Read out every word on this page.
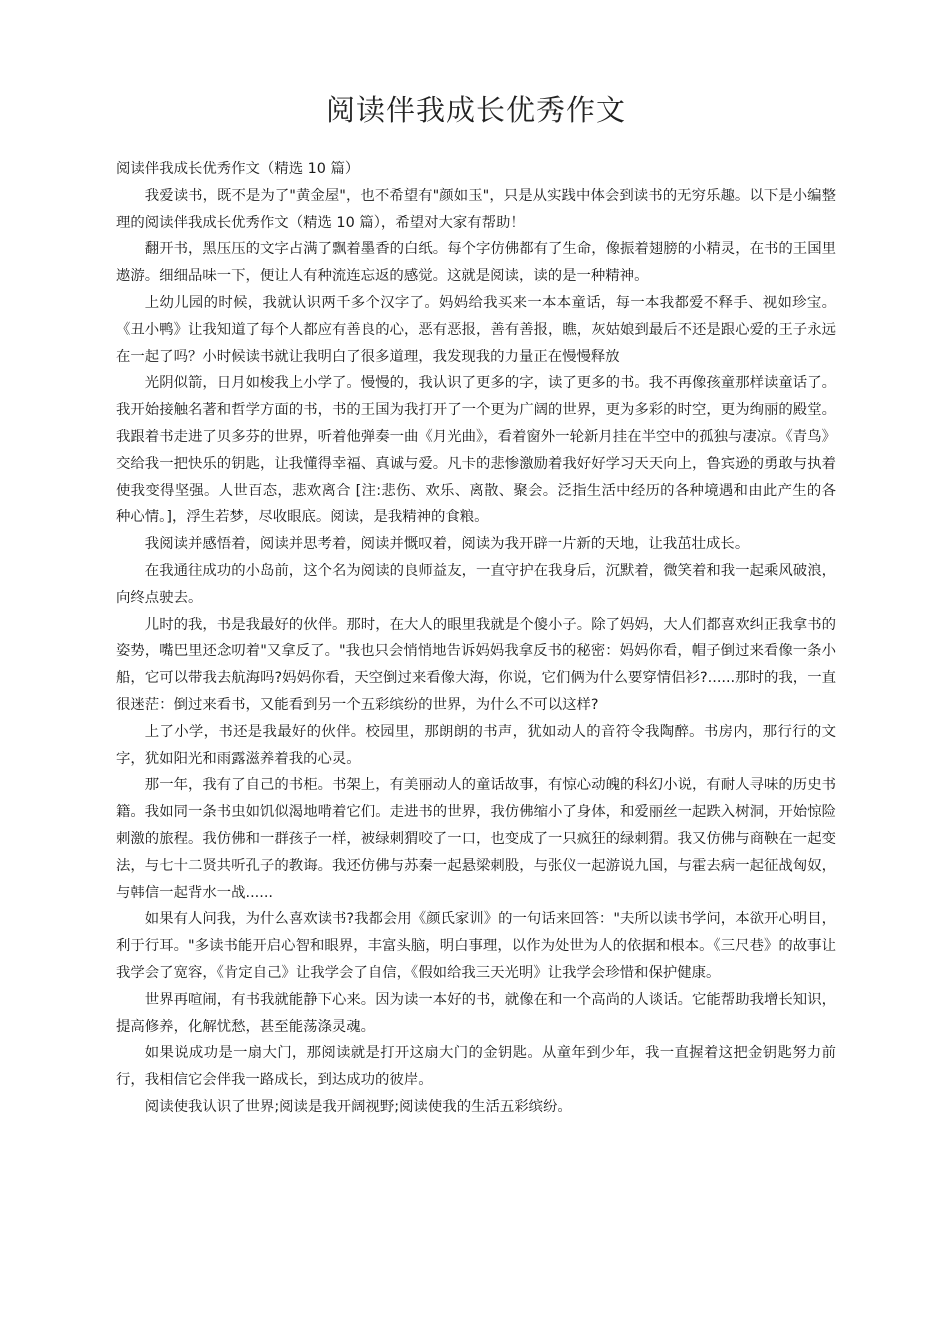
阅读伴我成长优秀作文

阅读伴我成长优秀作文（精选 10 篇）

我爱读书，既不是为了"黄金屋"，也不希望有"颜如玉"，只是从实践中体会到读书的无穷乐趣。以下是小编整理的阅读伴我成长优秀作文（精选 10 篇），希望对大家有帮助！

翻开书，黑压压的文字占满了飘着墨香的白纸。每个字仿佛都有了生命，像振着翅膀的小精灵，在书的王国里遨游。细细品味一下，便让人有种流连忘返的感觉。这就是阅读，读的是一种精神。

上幼儿园的时候，我就认识两千多个汉字了。妈妈给我买来一本本童话，每一本我都爱不释手、视如珍宝。《丑小鸭》让我知道了每个人都应有善良的心，恶有恶报，善有善报，瞧，灰姑娘到最后不还是跟心爱的王子永远在一起了吗？小时候读书就让我明白了很多道理，我发现我的力量正在慢慢释放

光阴似箭，日月如梭我上小学了。慢慢的，我认识了更多的字，读了更多的书。我不再像孩童那样读童话了。我开始接触名著和哲学方面的书，书的王国为我打开了一个更为广阔的世界，更为多彩的时空，更为绚丽的殿堂。我跟着书走进了贝多芬的世界，听着他弹奏一曲《月光曲》，看着窗外一轮新月挂在半空中的孤独与凄凉。《青鸟》交给我一把快乐的钥匙，让我懂得幸福、真诚与爱。凡卡的悲惨激励着我好好学习天天向上，鲁宾逊的勇敢与执着使我变得坚强。人世百态，悲欢离合 [注:悲伤、欢乐、离散、聚会。泛指生活中经历的各种境遇和由此产生的各种心情。]，浮生若梦，尽收眼底。阅读，是我精神的食粮。

我阅读并感悟着，阅读并思考着，阅读并慨叹着，阅读为我开辟一片新的天地，让我茁壮成长。

在我通往成功的小岛前，这个名为阅读的良师益友，一直守护在我身后，沉默着，微笑着和我一起乘风破浪，向终点驶去。

儿时的我，书是我最好的伙伴。那时，在大人的眼里我就是个傻小子。除了妈妈，大人们都喜欢纠正我拿书的姿势，嘴巴里还念叨着"又拿反了。"我也只会悄悄地告诉妈妈我拿反书的秘密：妈妈你看，帽子倒过来看像一条小船，它可以带我去航海吗?妈妈你看，天空倒过来看像大海，你说，它们俩为什么要穿情侣衫?......那时的我，一直很迷茫：倒过来看书，又能看到另一个五彩缤纷的世界，为什么不可以这样?

上了小学，书还是我最好的伙伴。校园里，那朗朗的书声，犹如动人的音符令我陶醉。书房内，那行行的文字，犹如阳光和雨露滋养着我的心灵。

那一年，我有了自己的书柜。书架上，有美丽动人的童话故事，有惊心动魄的科幻小说，有耐人寻味的历史书籍。我如同一条书虫如饥似渴地啃着它们。走进书的世界，我仿佛缩小了身体，和爱丽丝一起跌入树洞，开始惊险刺激的旅程。我仿佛和一群孩子一样，被绿刺猬咬了一口，也变成了一只疯狂的绿刺猬。我又仿佛与商鞅在一起变法，与七十二贤共听孔子的教诲。我还仿佛与苏秦一起悬梁刺股，与张仪一起游说九国，与霍去病一起征战匈奴，与韩信一起背水一战......

如果有人问我，为什么喜欢读书?我都会用《颜氏家训》的一句话来回答："夫所以读书学问，本欲开心明目，利于行耳。"多读书能开启心智和眼界，丰富头脑，明白事理，以作为处世为人的依据和根本。《三尺巷》的故事让我学会了宽容，《肯定自己》让我学会了自信，《假如给我三天光明》让我学会珍惜和保护健康。

世界再喧闹，有书我就能静下心来。因为读一本好的书，就像在和一个高尚的人谈话。它能帮助我增长知识，提高修养，化解忧愁，甚至能荡涤灵魂。

如果说成功是一扇大门，那阅读就是打开这扇大门的金钥匙。从童年到少年，我一直握着这把金钥匙努力前行，我相信它会伴我一路成长，到达成功的彼岸。

阅读使我认识了世界;阅读是我开阔视野;阅读使我的生活五彩缤纷。
